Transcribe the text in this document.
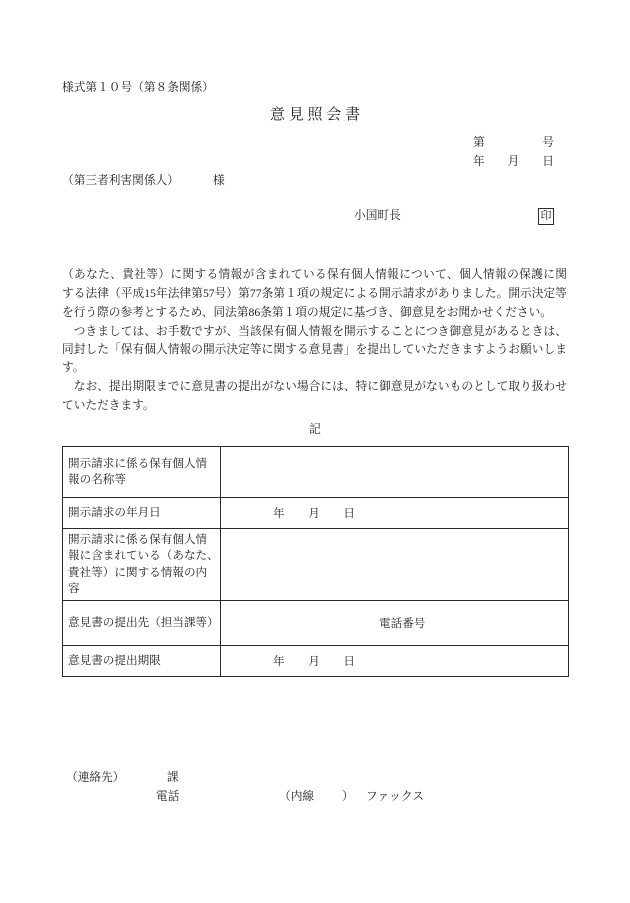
様式第１０号（第８条関係）
意 見 照 会 書
第	号
年 月 日
（第三者利害関係人）	様
小国町長	印
（あなた、貴社等）に関する情報が含まれている保有個人情報について、個人情報の保護に関
する法律（平成15年法律第57号）第77条第１項の規定による開示請求がありました。開示決定等
を行う際の参考とするため、同法第86条第１項の規定に基づき、御意見をお聞かせください。
　つきましては、お手数ですが、当該保有個人情報を開示することにつき御意見があるときは、
同封した「保有個人情報の開示決定等に関する意見書」を提出していただきますようお願いしま
す。
　なお、提出期限までに意見書の提出がない場合には、特に御意見がないものとして取り扱わせ
ていただきます。
記
開示請求に係る保有個人情
報の名称等	

開示請求の年月日	年 月 日

開示請求に係る保有個人情
報に含まれている（あなた、
貴社等）に関する情報の内
容	

意見書の提出先（担当課等）	電話番号

意見書の提出期限	年 月 日
（連絡先）	課
電話	（内線 ） ファックス
